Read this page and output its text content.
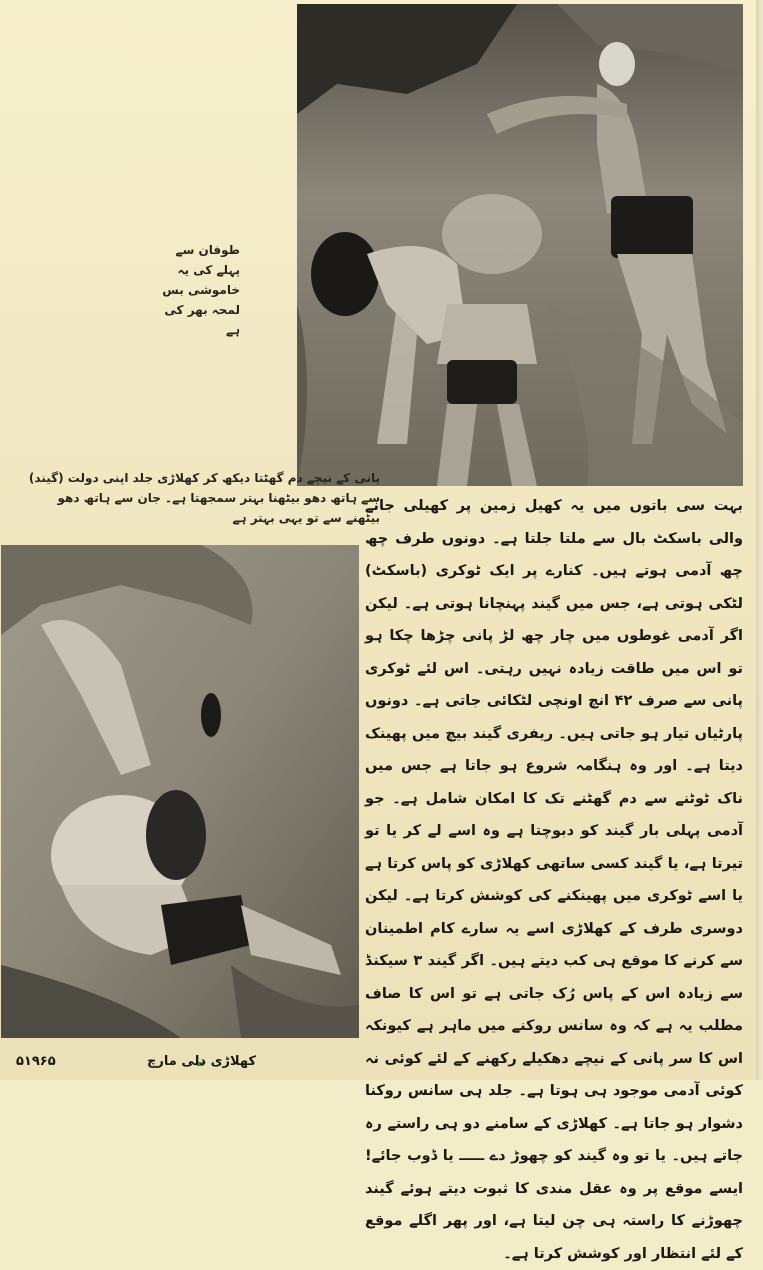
طوفان سے پہلے کی یہ خاموشی بس لمحہ بھر کی ہے
پانی کے نیچے دم گھٹتا دیکھ کر کھلاڑی جلد اپنی دولت (گیند) سے ہاتھ دھو بیٹھنا بہتر سمجھتا ہے۔ جان سے ہاتھ دھو بیٹھنے سے تو یہی بہتر ہے
بہت سی باتوں میں یہ کھیل زمین پر کھیلی جانے والی باسکٹ بال سے ملتا جلتا ہے۔ دونوں طرف چھ چھ آدمی ہوتے ہیں۔ کنارے پر ایک ٹوکری (باسکٹ) لٹکی ہوتی ہے، جس میں گیند پہنچانا ہوتی ہے۔ لیکن اگر آدمی غوطوں میں چار چھ لڑ پانی چڑھا چکا ہو تو اس میں طاقت زیادہ نہیں رہتی۔ اس لئے ٹوکری پانی سے صرف ۴۲ انچ اونچی لٹکائی جاتی ہے۔ دونوں پارٹیاں تیار ہو جاتی ہیں۔ ریفری گیند بیچ میں پھینک دیتا ہے۔ اور وہ ہنگامہ شروع ہو جاتا ہے جس میں ناک ٹوٹنے سے دم گھٹنے تک کا امکان شامل ہے۔ جو آدمی پہلی بار گیند کو دبوچتا ہے وہ اسے لے کر یا تو تیرتا ہے، یا گیند کسی ساتھی کھلاڑی کو پاس کرتا ہے یا اسے ٹوکری میں پھینکنے کی کوشش کرتا ہے۔ لیکن دوسری طرف کے کھلاڑی اسے یہ سارے کام اطمینان سے کرنے کا موقع ہی کب دیتے ہیں۔ اگر گیند ۳ سیکنڈ سے زیادہ اس کے پاس رُک جاتی ہے تو اس کا صاف مطلب یہ ہے کہ وہ سانس روکنے میں ماہر ہے کیونکہ اس کا سر پانی کے نیچے دھکیلے رکھنے کے لئے کوئی نہ کوئی آدمی موجود ہی ہوتا ہے۔ جلد ہی سانس روکنا دشوار ہو جاتا ہے۔ کھلاڑی کے سامنے دو ہی راستے رہ جاتے ہیں۔ یا تو وہ گیند کو چھوڑ دے ـــــ یا ڈوب جائے! ایسے موقع پر وہ عقل مندی کا ثبوت دیتے ہوئے گیند چھوڑنے کا راستہ ہی چن لیتا ہے، اور پھر اگلے موقع کے لئے انتظار اور کوشش کرتا ہے۔
کھلاڑی دلی مارچ
۵۱۹۶۵
